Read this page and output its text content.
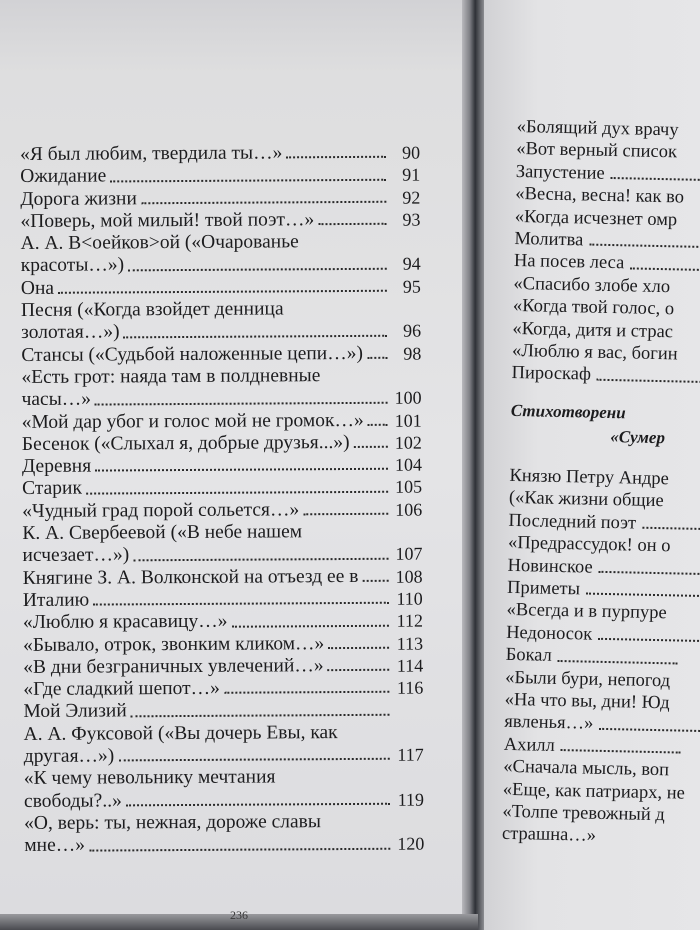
«Я был любим, твердила ты…»	90
Ожидание	91
Дорога жизни	92
«Поверь, мой милый! твой поэт…»	93
А. А. В<оейков>ой («Очарованье
красоты…»)	94
Она	95
Песня («Когда взойдет денница
золотая…»)	96
Стансы («Судьбой наложенные цепи…»)	98
«Есть грот: наяда там в полдневные
часы…»	100
«Мой дар убог и голос мой не громок…» 101
Бесенок («Слыхал я, добрые друзья...»)	102
Деревня	104
Старик	105
«Чудный град порой сольется…»	106
К. А. Свербеевой («В небе нашем
исчезает…»)	107
Княгине З. А. Волконской на отъезд ее в 108
Италию	110
«Люблю я красавицу…»	112
«Бывало, отрок, звонким кликом…»	113
«В дни безграничных увлечений…»	114
«Где сладкий шепот…»	116
Мой Элизий
А. А. Фуксовой («Вы дочерь Евы, как
другая…»)	117
«К чему невольнику мечтания
свободы?..»	119
«О, верь: ты, нежная, дороже славы
мне…»	120
236
«Болящий дух врачу
«Вот верный список
Запустение
«Весна, весна! как во
«Когда исчезнет омр
Молитва
На посев леса
«Спасибо злобе хло
«Когда твой голос, о
«Когда, дитя и страс
«Люблю я вас, богин
Пироскаф
Стихотворени
«Сумер
Князю Петру Андре
(«Как жизни общие
Последний поэт
«Предрассудок! он о
Новинское
Приметы
«Всегда и в пурпуре
Недоносок
Бокал
«Были бури, непогод
«На что вы, дни! Юд
явленья…»
Ахилл
«Сначала мысль, воп
«Еще, как патриарх, не
«Толпе тревожный д
страшна…»
